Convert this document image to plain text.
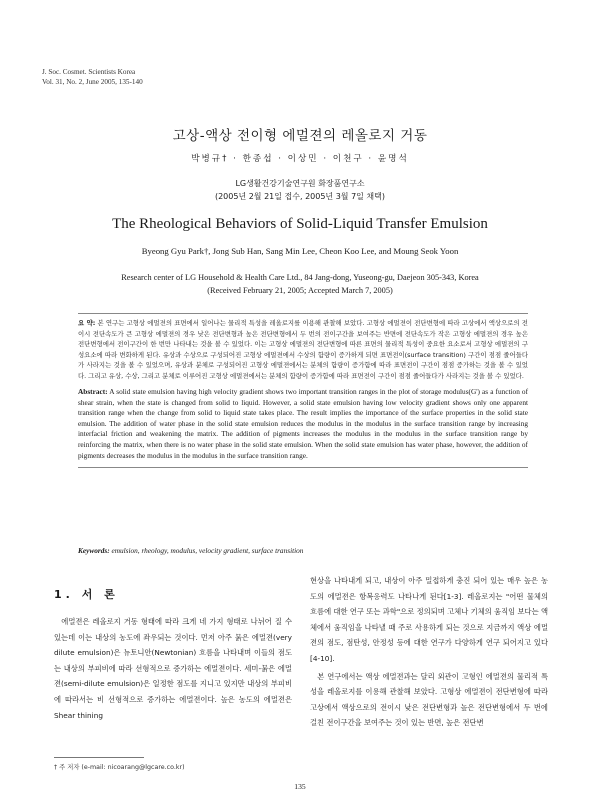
J. Soc. Cosmet. Scientists Korea
Vol. 31, No. 2, June 2005, 135-140
고상-액상 전이형 에멀젼의 레올로지 거동
박병규† · 한종섭 · 이상민 · 이천구 · 윤명석
LG생활건강기술연구원 화장품연구소
(2005년 2월 21일 접수, 2005년 3월 7일 채택)
The Rheological Behaviors of Solid-Liquid Transfer Emulsion
Byeong Gyu Park†, Jong Sub Han, Sang Min Lee, Cheon Koo Lee, and Moung Seok Yoon
Research center of LG Household & Health Care Ltd., 84 Jang-dong, Yuseong-gu, Daejeon 305-343, Korea
(Received February 21, 2005; Accepted March 7, 2005)

요 약: 본 연구는 고형상 에멀젼의 표면에서 일어나는 물리적 특성을 레올로지를 이용해 관찰해 보았다. 고형상 에멀젼이 전단변형에 따라 고상에서 액상으로의 전이시 전단속도가 큰 고형상 에멀젼의 경우 낮은 전단변형과 높은 전단변형에서 두 번의 전이구간을 보여주는 반면에 전단속도가 작은 고형상 에멀젼의 경우 높은 전단변형에서 전이구간이 한 번만 나타내는 것을 볼 수 있었다. 이는 고형상 에멀젼의 전단변형에 따른 표면의 물리적 특성이 중요한 요소로서 고형상 에멀젼의 구성요소에 따라 변화하게 된다. 유상과 수상으로 구성되어진 고형상 에멀젼에서 수상의 함량이 증가하게 되면 표면전이(surface transition) 구간이 점점 줄어들다가 사라지는 것을 볼 수 있었으며, 유상과 분체로 구성되어진 고형상 에멀젼에서는 분체의 함량이 증가함에 따라 표면전이 구간이 점점 증가하는 것을 볼 수 있었다. 그리고 유상, 수상, 그리고 분체로 이루어진 고형상 에멀젼에서는 분체의 함량이 증가함에 따라 표면전이 구간이 점점 줄어들다가 사라지는 것을 볼 수 있었다.

Abstract: A solid state emulsion having high velocity gradient shows two important transition ranges in the plot of storage modulus(G') as a function of shear strain, when the state is changed from solid to liquid. However, a solid state emulsion having low velocity gradient shows only one apparent transition range when the change from solid to liquid state takes place. The result implies the importance of the surface properties in the solid state emulsion. The addition of water phase in the solid state emulsion reduces the modulus in the modulus in the surface transition range by increasing interfacial friction and weakening the matrix. The addition of pigments increases the modulus in the modulus in the surface transition range by reinforcing the matrix, when there is no water phase in the solid state emulsion. When the solid state emulsion has water phase, however, the addition of pigments decreases the modulus in the modulus in the surface transition range.

Keywords: emulsion, rheology, modulus, velocity gradient, surface transition
1. 서 론

에멀젼은 레올로지 거동 형태에 따라 크게 네 가지 형태로 나뉘어 질 수 있는데 이는 내상의 농도에 좌우되는 것이다. 먼저 아주 묽은 에멀젼(very dilute emulsion)은 뉴토니안(Newtonian) 흐름을 나타내며 이들의 점도는 내상의 부피비에 따라 선형적으로 증가하는 에멀젼이다. 세미-묽은 에멀젼(semi-dilute emulsion)은 일정한 점도를 지니고 있지만 내상의 부피비에 따라서는 비 선형적으로 증가하는 에멀젼이다. 높은 농도의 에멀젼은 Shear thining

현상을 나타내게 되고, 내상이 아주 밀접하게 충진 되어 있는 매우 높은 농도의 에멀젼은 항복응력도 나타나게 된다[1-3]. 레올로지는 "어떤 물체의 흐름에 대한 연구 또는 과학"으로 정의되며 고체나 기체의 움직임 보다는 액체에서 움직임을 나타낼 때 주로 사용하게 되는 것으로 지금까지 액상 에멀젼의 점도, 점탄성, 안정성 등에 대한 연구가 다양하게 연구 되어지고 있다[4-10].

본 연구에서는 액상 에멀젼과는 달리 외관이 고형인 에멀젼의 물리적 특성을 레올로지를 이용해 관찰해 보았다. 고형상 에멀젼이 전단변형에 따라 고상에서 액상으로의 전이시 낮은 전단변형과 높은 전단변형에서 두 번에 걸친 전이구간을 보여주는 것이 있는 반면, 높은 전단변

† 주 저자 (e-mail: nicoarang@lgcare.co.kr)
135
